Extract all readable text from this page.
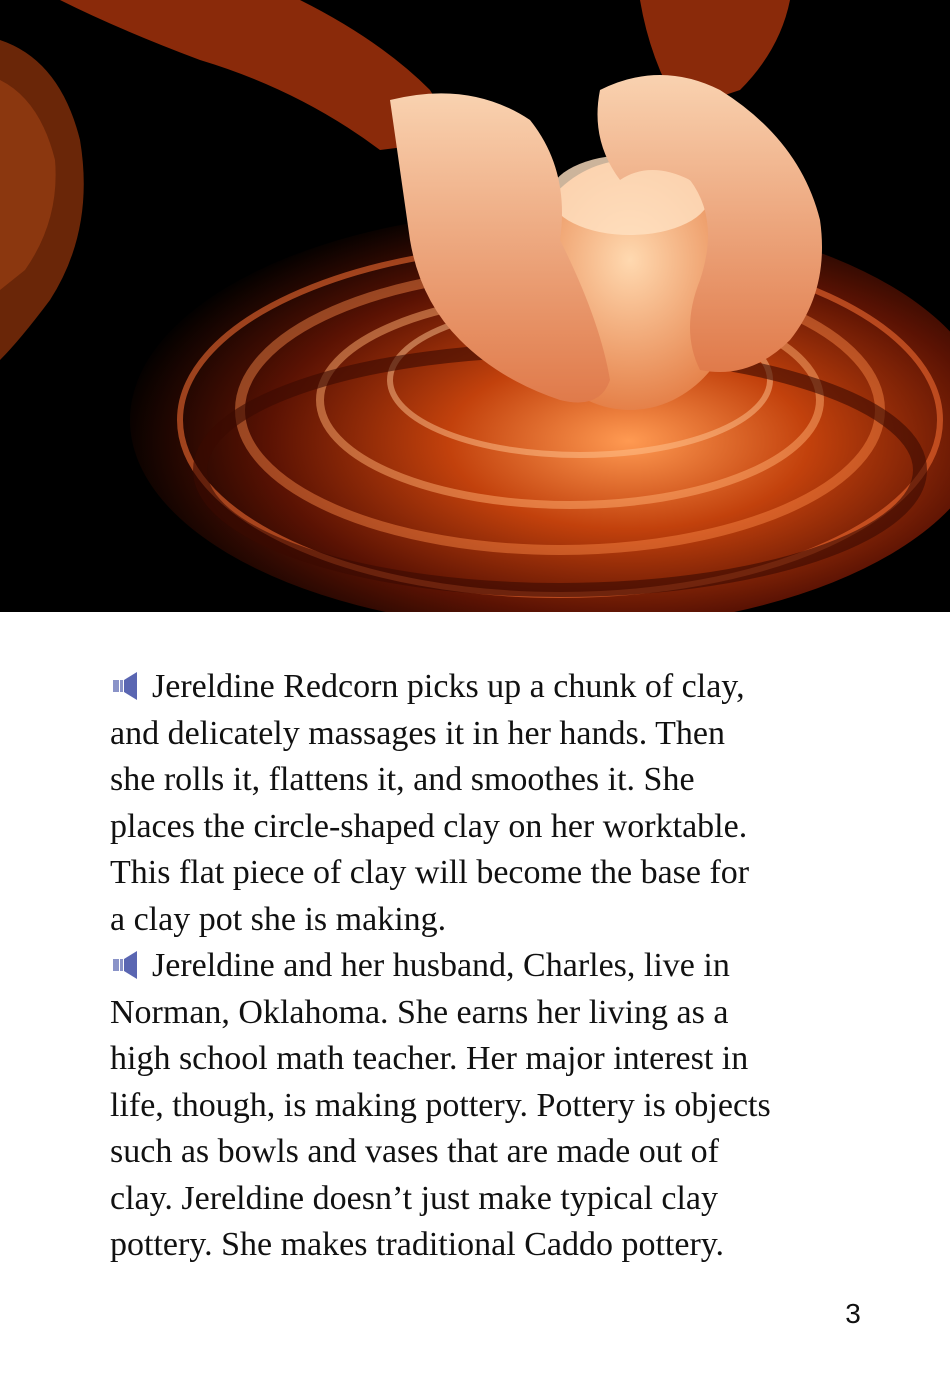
Jereldine Redcorn picks up a chunk of clay,
and delicately massages it in her hands. Then
she rolls it, flattens it, and smoothes it. She
places the circle-shaped clay on her worktable.
This flat piece of clay will become the base for
a clay pot she is making.

Jereldine and her husband, Charles, live in
Norman, Oklahoma. She earns her living as a
high school math teacher. Her major interest in
life, though, is making pottery. Pottery is objects
such as bowls and vases that are made out of
clay. Jereldine doesn’t just make typical clay
pottery. She makes traditional Caddo pottery.

3
